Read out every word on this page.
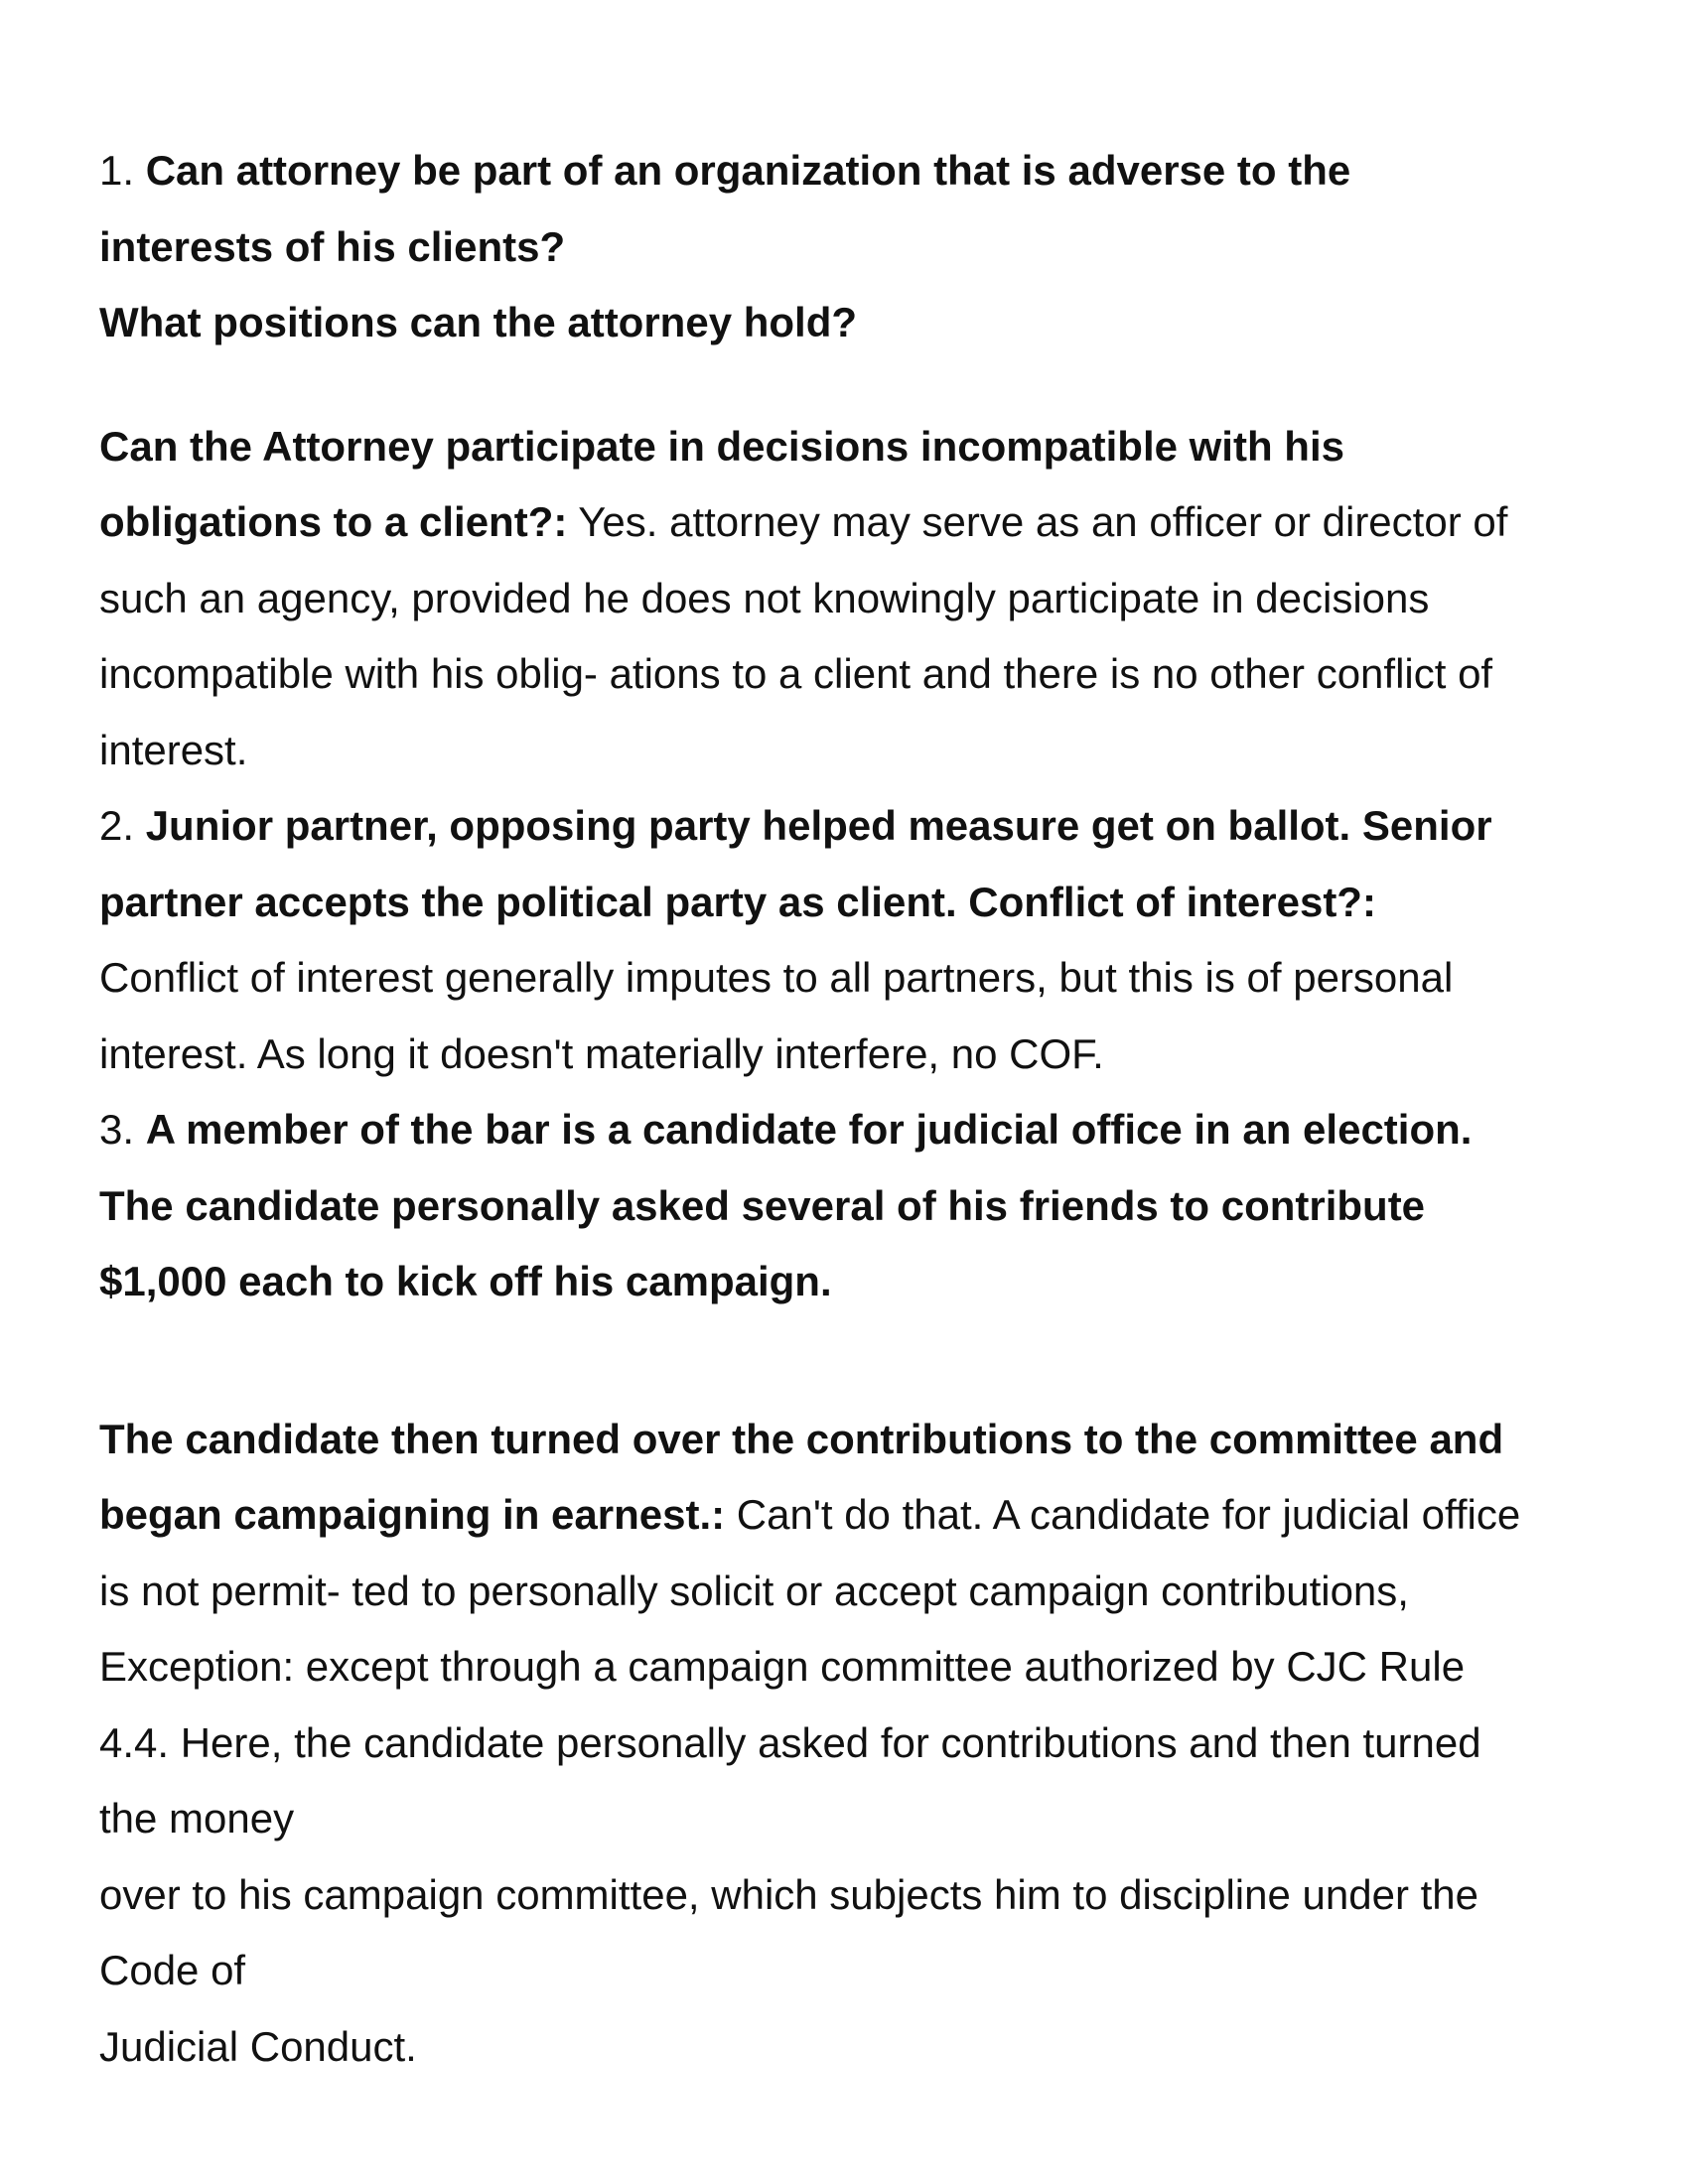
1. Can attorney be part of an organization that is adverse to the
interests of his clients?
What positions can the attorney hold?
Can the Attorney participate in decisions incompatible with his
obligations to a client?: Yes. attorney may serve as an officer or director of
such an agency, provided he does not knowingly participate in decisions
incompatible with his oblig- ations to a client and there is no other conflict of
interest.
2. Junior partner, opposing party helped measure get on ballot. Senior
partner accepts the political party as client. Conflict of interest?:
Conflict of interest generally imputes to all partners, but this is of personal
interest. As long it doesn't materially interfere, no COF.
3. A member of the bar is a candidate for judicial office in an election.
The candidate personally asked several of his friends to contribute
$1,000 each to kick off his campaign.
The candidate then turned over the contributions to the committee and
began campaigning in earnest.: Can't do that. A candidate for judicial office
is not permit- ted to personally solicit or accept campaign contributions,
Exception: except through a campaign committee authorized by CJC Rule
4.4. Here, the candidate personally asked for contributions and then turned
the money
over to his campaign committee, which subjects him to discipline under the
Code of
Judicial Conduct.
